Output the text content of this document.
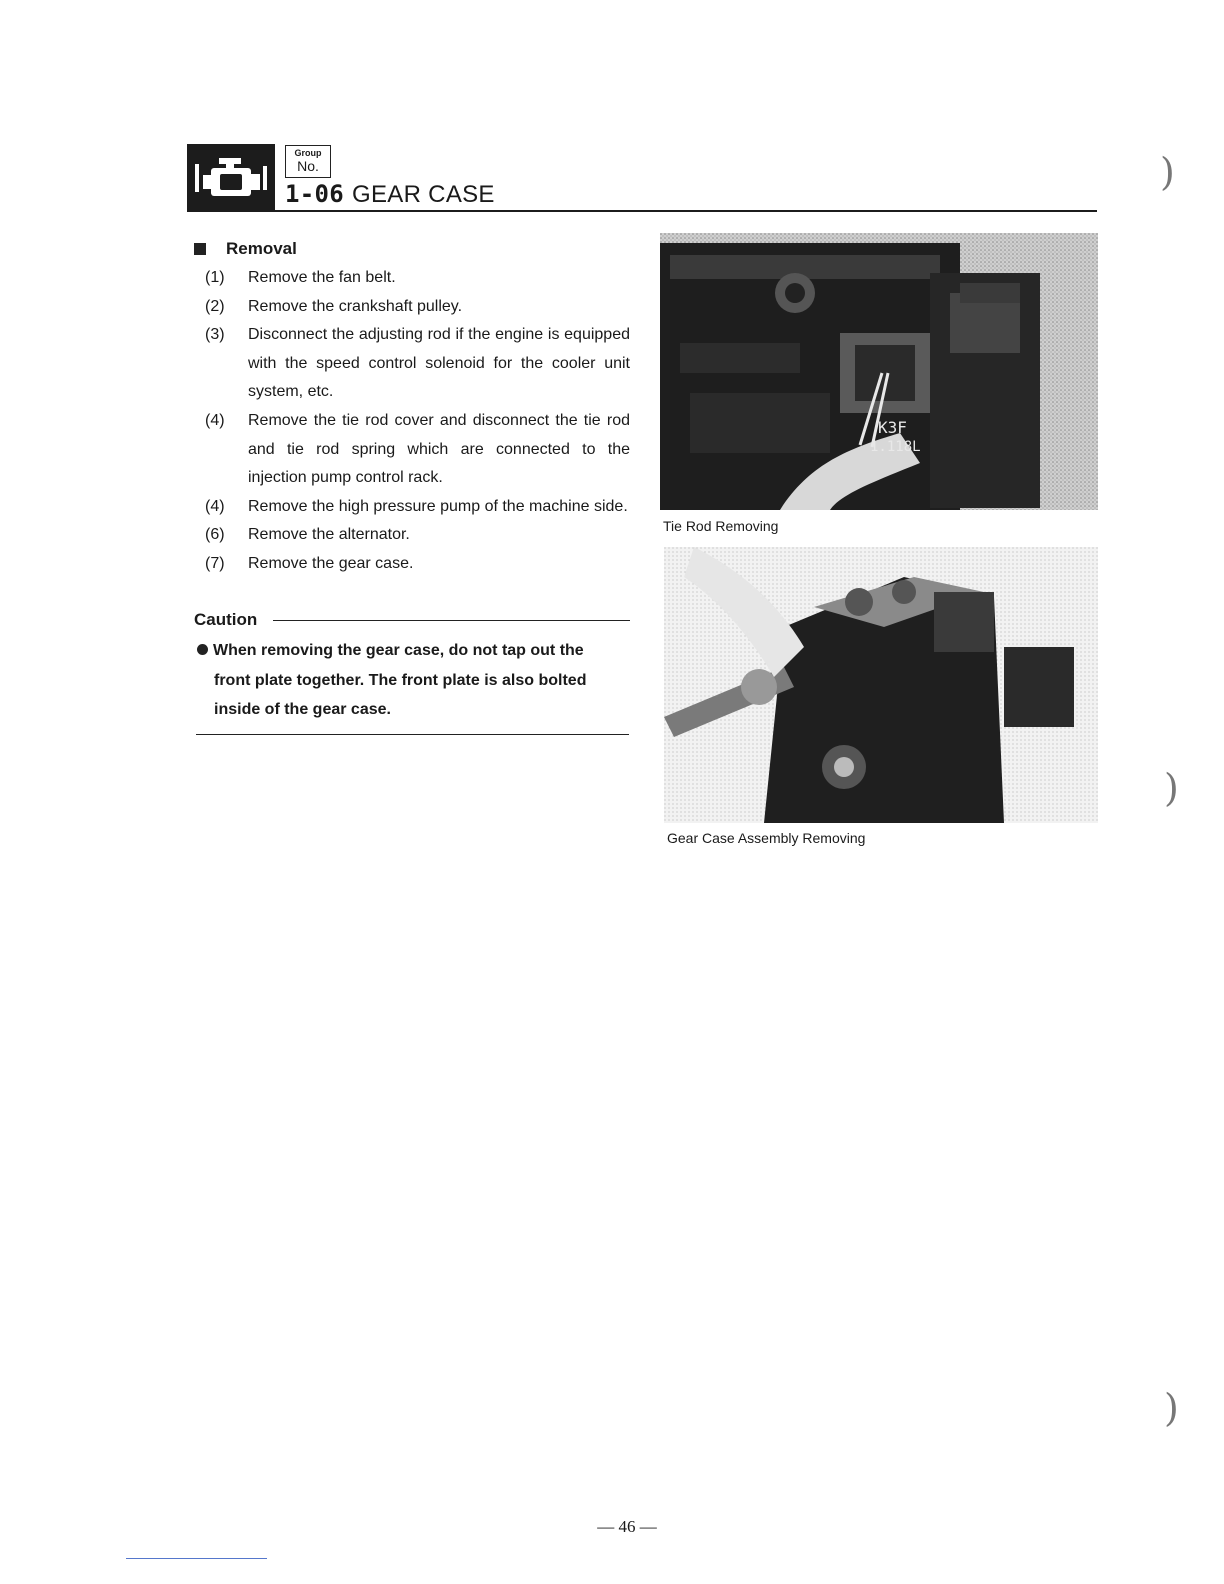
Group
No.
1-06 GEAR CASE
Removal
(1)	Remove the fan belt.
(2)	Remove the crankshaft pulley.
(3)	Disconnect the adjusting rod if the engine is equipped with the speed control solenoid for the cooler unit system, etc.
(4)	Remove the tie rod cover and disconnect the tie rod and tie rod spring which are connected to the injection pump control rack.
(4)	Remove the high pressure pump of the machine side.
(6)	Remove the alternator.
(7)	Remove the gear case.
Caution
When removing the gear case, do not tap out the
front plate together. The front plate is also bolted
inside of the gear case.
K3F
1.118L
Tie Rod Removing
Gear Case Assembly Removing
)
)
)
— 46 —
